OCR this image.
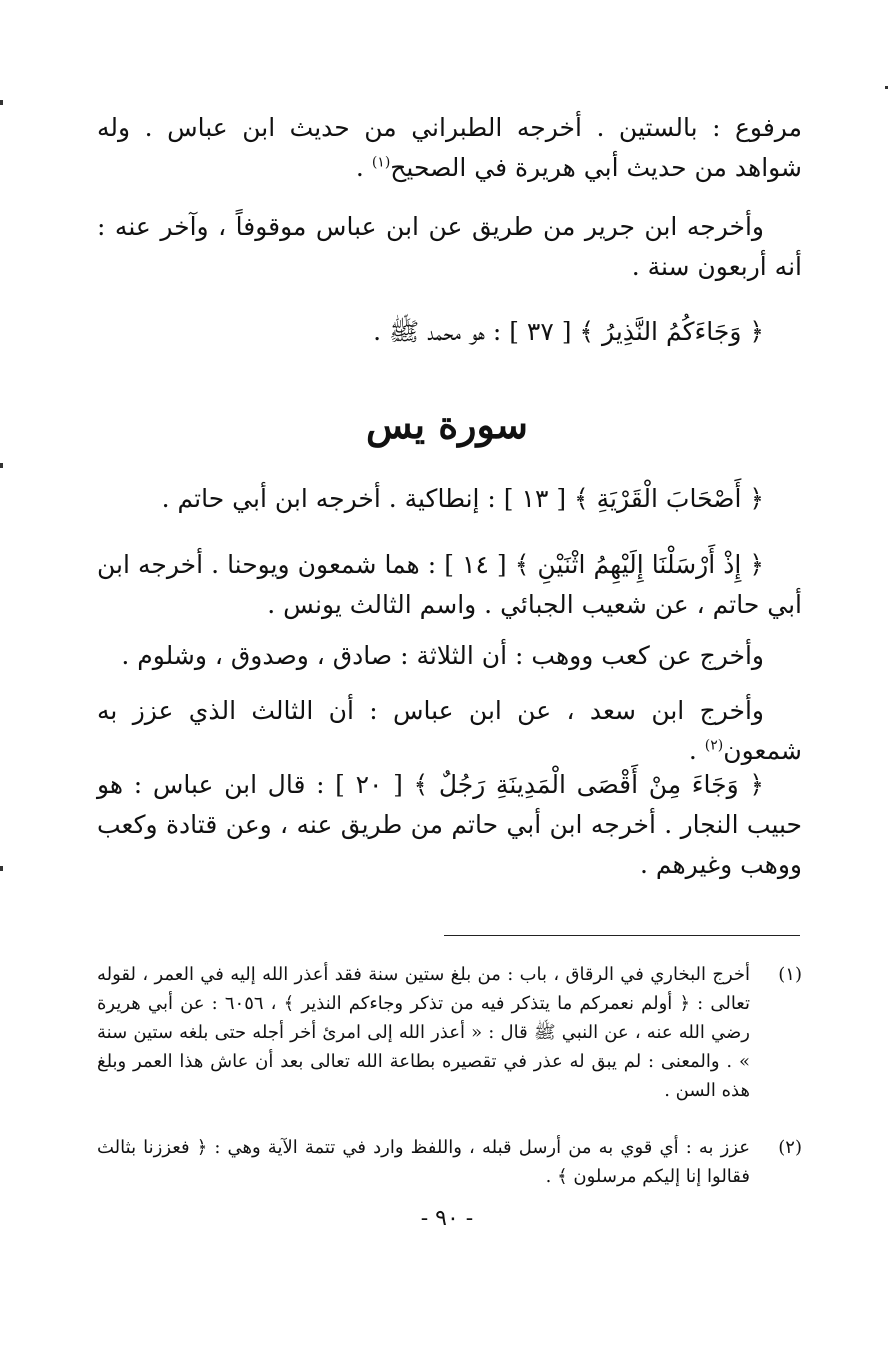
مرفوع : بالستين . أخرجه الطبراني من حديث ابن عباس . وله شواهد من حديث أبي هريرة في الصحيح$^{(١)}$ .

وأخرجه ابن جرير من طريق عن ابن عباس موقوفاً ، وآخر عنه : أنه أربعون سنة .

﴿ وَجَاءَكُمُ النَّذِيرُ ﴾ [ ٣٧ ] : هو محمد ﷺ .

سورة يس

﴿ أَصْحَابَ الْقَرْيَةِ ﴾ [ ١٣ ] : إنطاكية . أخرجه ابن أبي حاتم .

﴿ إِذْ أَرْسَلْنَا إِلَيْهِمُ اثْنَيْنِ ﴾ [ ١٤ ] : هما شمعون ويوحنا . أخرجه ابن أبي حاتم ، عن شعيب الجبائي . واسم الثالث يونس .

وأخرج عن كعب ووهب : أن الثلاثة : صادق ، وصدوق ، وشلوم .

وأخرج ابن سعد ، عن ابن عباس : أن الثالث الذي عزز به شمعون$^{(٢)}$ .

﴿ وَجَاءَ مِنْ أَقْصَى الْمَدِينَةِ رَجُلٌ ﴾ [ ٢٠ ] : قال ابن عباس : هو حبيب النجار . أخرجه ابن أبي حاتم من طريق عنه ، وعن قتادة وكعب ووهب وغيرهم .

(١)
أخرج البخاري في الرقاق ، باب : من بلغ ستين سنة فقد أعذر الله إليه في العمر ، لقوله تعالى : ﴿ أولم نعمركم ما يتذكر فيه من تذكر وجاءكم النذير ﴾ ، ٦٠٥٦ : عن أبي هريرة رضي الله عنه ، عن النبي ﷺ قال : « أعذر الله إلى امرئ أخر أجله حتى بلغه ستين سنة » . والمعنى : لم يبق له عذر في تقصيره بطاعة الله تعالى بعد أن عاش هذا العمر وبلغ هذه السن .
(٢)
عزز به : أي قوي به من أرسل قبله ، واللفظ وارد في تتمة الآية وهي : ﴿ فعززنا بثالث فقالوا إنا إليكم مرسلون ﴾ .
- ٩٠ -
